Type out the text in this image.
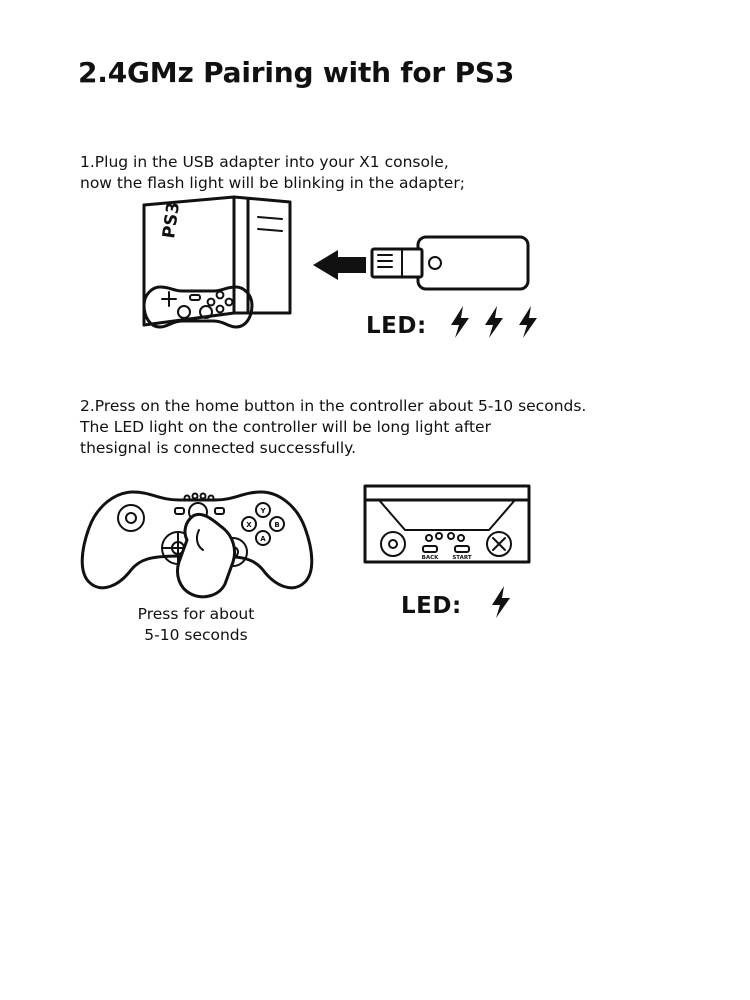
2.4GMz Pairing with for PS3
1.Plug in the USB adapter into your X1 console,
now the flash light will be blinking in the adapter;
PS3
LED:
2.Press on the home button in the controller about 5-10 seconds.
The LED light on the controller will be long light after
thesignal is connected successfully.
Y
X	B
A
BACK	START
LED:
Press for about
5-10 seconds
